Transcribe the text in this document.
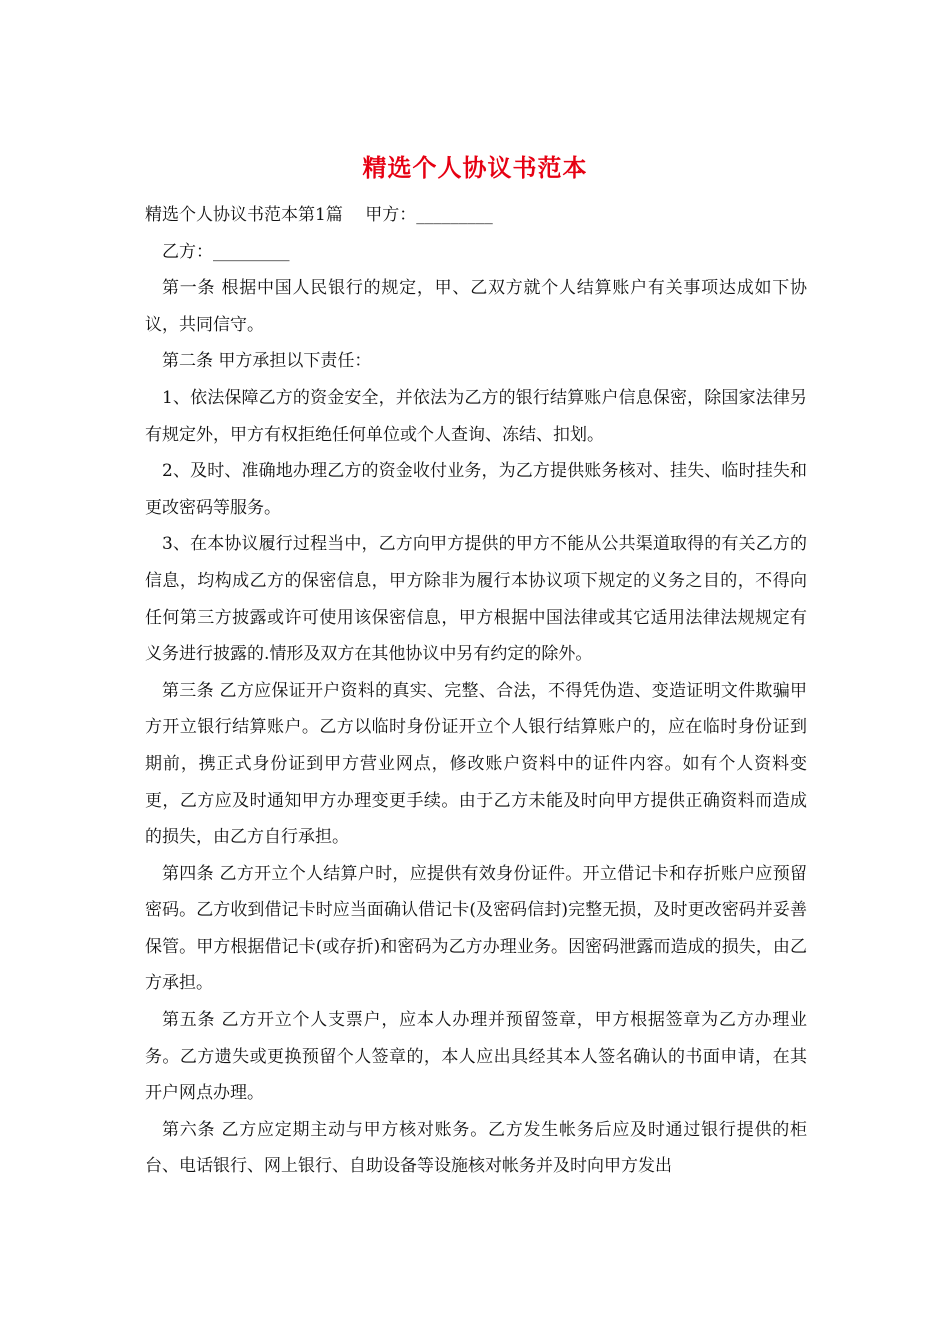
精选个人协议书范本

精选个人协议书范本第1篇　 甲方：_________

乙方：_________

第一条 根据中国人民银行的规定，甲、乙双方就个人结算账户有关事项达成如下协议，共同信守。

第二条 甲方承担以下责任：

1、依法保障乙方的资金安全，并依法为乙方的银行结算账户信息保密，除国家法律另有规定外，甲方有权拒绝任何单位或个人查询、冻结、扣划。

2、及时、准确地办理乙方的资金收付业务，为乙方提供账务核对、挂失、临时挂失和更改密码等服务。

3、在本协议履行过程当中，乙方向甲方提供的甲方不能从公共渠道取得的有关乙方的信息，均构成乙方的保密信息，甲方除非为履行本协议项下规定的义务之目的，不得向任何第三方披露或许可使用该保密信息，甲方根据中国法律或其它适用法律法规规定有义务进行披露的.情形及双方在其他协议中另有约定的除外。

第三条 乙方应保证开户资料的真实、完整、合法，不得凭伪造、变造证明文件欺骗甲方开立银行结算账户。乙方以临时身份证开立个人银行结算账户的，应在临时身份证到期前，携正式身份证到甲方营业网点，修改账户资料中的证件内容。如有个人资料变更，乙方应及时通知甲方办理变更手续。由于乙方未能及时向甲方提供正确资料而造成的损失，由乙方自行承担。

第四条 乙方开立个人结算户时，应提供有效身份证件。开立借记卡和存折账户应预留密码。乙方收到借记卡时应当面确认借记卡(及密码信封)完整无损，及时更改密码并妥善保管。甲方根据借记卡(或存折)和密码为乙方办理业务。因密码泄露而造成的损失，由乙方承担。

第五条 乙方开立个人支票户，应本人办理并预留签章，甲方根据签章为乙方办理业务。乙方遗失或更换预留个人签章的，本人应出具经其本人签名确认的书面申请，在其开户网点办理。

第六条 乙方应定期主动与甲方核对账务。乙方发生帐务后应及时通过银行提供的柜台、电话银行、网上银行、自助设备等设施核对帐务并及时向甲方发出
